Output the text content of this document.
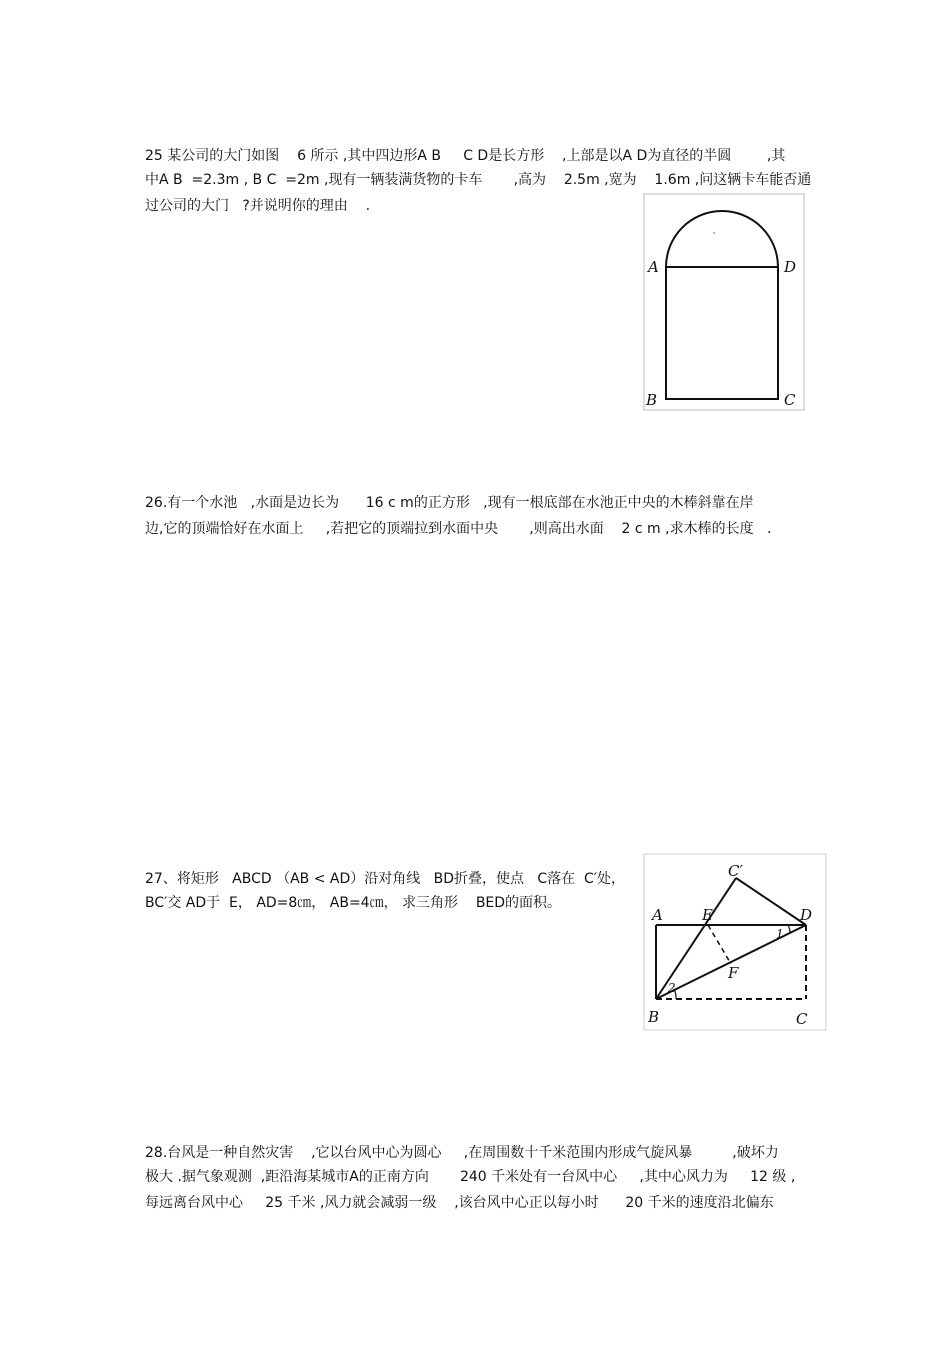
25 某公司的大门如图    6 所示 ,其中四边形A B     C D是长方形    ,上部是以A D为直径的半圆        ,其
中A B  =2.3m , B C  =2m ,现有一辆装满货物的卡车       ,高为    2.5m ,宽为    1.6m ,问这辆卡车能否通
过公司的大门   ?并说明你的理由    .
A	D
B	C
26.有一个水池   ,水面是边长为      16 c m的正方形   ,现有一根底部在水池正中央的木棒斜靠在岸
边,它的顶端恰好在水面上     ,若把它的顶端拉到水面中央       ,则高出水面    2 c m ,求木棒的长度   .
27、将矩形   ABCD （AB < AD）沿对角线   BD折叠，使点   C落在  C′处，
BC′交 AD于  E， AD=8㎝， AB=4㎝， 求三角形    BED的面积。
A	E	D
C′
F
B	C
1
2
28.台风是一种自然灾害    ,它以台风中心为圆心     ,在周围数十千米范围内形成气旋风暴         ,破坏力
极大 .据气象观测  ,距沿海某城市A的正南方向       240 千米处有一台风中心     ,其中心风力为     12 级 ,
每远离台风中心     25 千米 ,风力就会减弱一级    ,该台风中心正以每小时      20 千米的速度沿北偏东
